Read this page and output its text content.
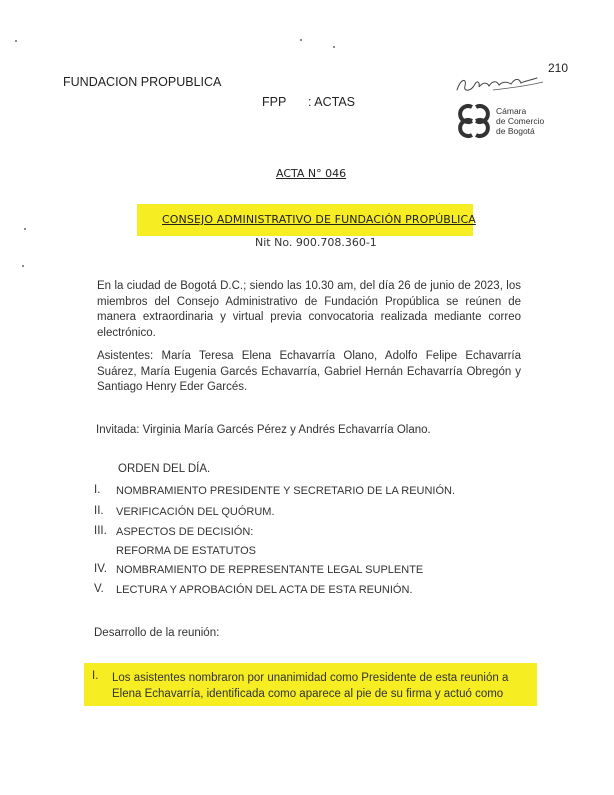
210
FUNDACION PROPUBLICA
FPP : ACTAS
Cámara
de Comercio
de Bogotá
ACTA N° 046
CONSEJO ADMINISTRATIVO DE FUNDACIÓN PROPÚBLICA
Nit No. 900.708.360-1
En la ciudad de Bogotá D.C.; siendo las 10.30 am, del día 26 de junio de 2023, los miembros del Consejo Administrativo de Fundación Propública se reúnen de manera extraordinaria y virtual previa convocatoria realizada mediante correo electrónico.
Asistentes: María Teresa Elena Echavarría Olano, Adolfo Felipe Echavarría Suárez, María Eugenia Garcés Echavarría, Gabriel Hernán Echavarría Obregón y Santiago Henry Eder Garcés.
Invitada: Virginia María Garcés Pérez y Andrés Echavarría Olano.
ORDEN DEL DÍA.
I. NOMBRAMIENTO PRESIDENTE Y SECRETARIO DE LA REUNIÓN.
II. VERIFICACIÓN DEL QUÓRUM.
III. ASPECTOS DE DECISIÓN:
REFORMA DE ESTATUTOS
IV. NOMBRAMIENTO DE REPRESENTANTE LEGAL SUPLENTE
V. LECTURA Y APROBACIÓN DEL ACTA DE ESTA REUNIÓN.
Desarrollo de la reunión:
I. Los asistentes nombraron por unanimidad como Presidente de esta reunión a Elena Echavarría, identificada como aparece al pie de su firma y actuó como
